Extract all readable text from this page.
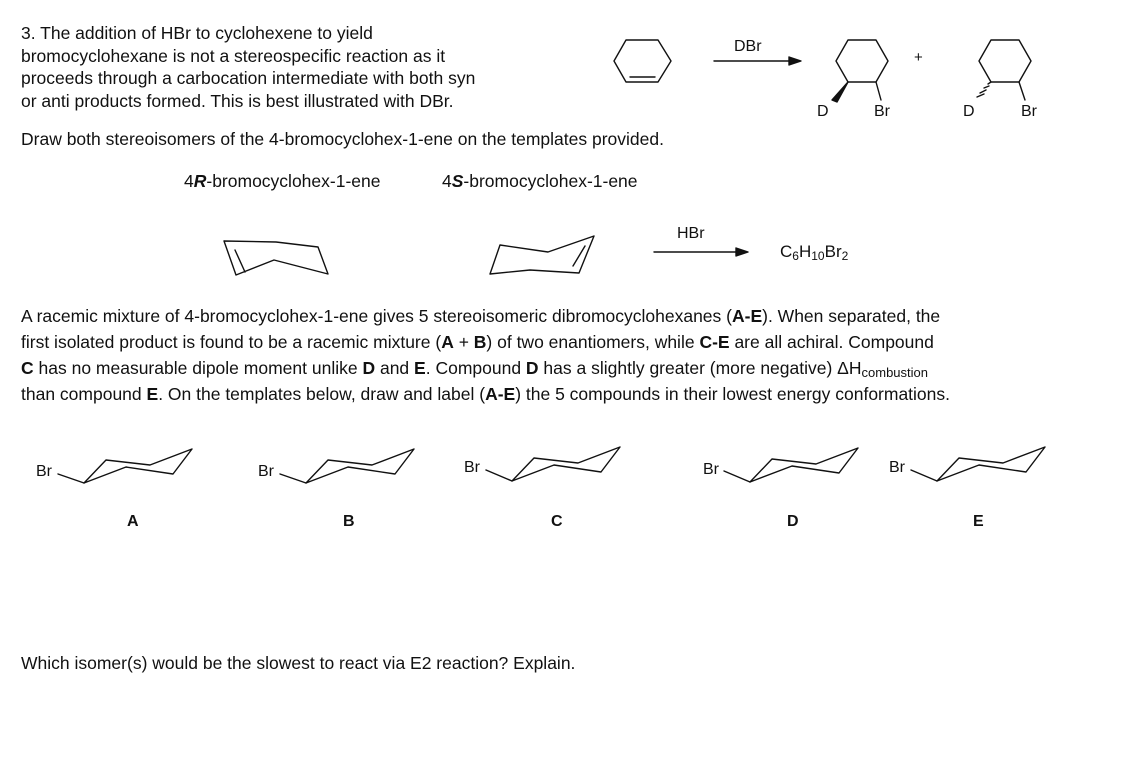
3. The addition of HBr to cyclohexene to yield
bromocyclohexane is not a stereospecific reaction as it
proceeds through a carbocation intermediate with both syn
or anti products formed. This is best illustrated with DBr.
Draw both stereoisomers of the 4-bromocyclohex-1-ene on the templates provided.
4R-bromocyclohex-1-ene	4S-bromocyclohex-1-ene
DBr
+
D	Br	D	Br
HBr
$C_6H_{10}Br_2$
A racemic mixture of 4-bromocyclohex-1-ene gives 5 stereoisomeric dibromocyclohexanes (A-E). When separated, the
first isolated product is found to be a racemic mixture (A + B) of two enantiomers, while C-E are all achiral. Compound
C has no measurable dipole moment unlike D and E. Compound D has a slightly greater (more negative) $\Delta H_{combustion}$
than compound E. On the templates below, draw and label (A-E) the 5 compounds in their lowest energy conformations.
Br	Br	Br	Br	Br
A	B	C	D	E
Which isomer(s) would be the slowest to react via E2 reaction? Explain.
